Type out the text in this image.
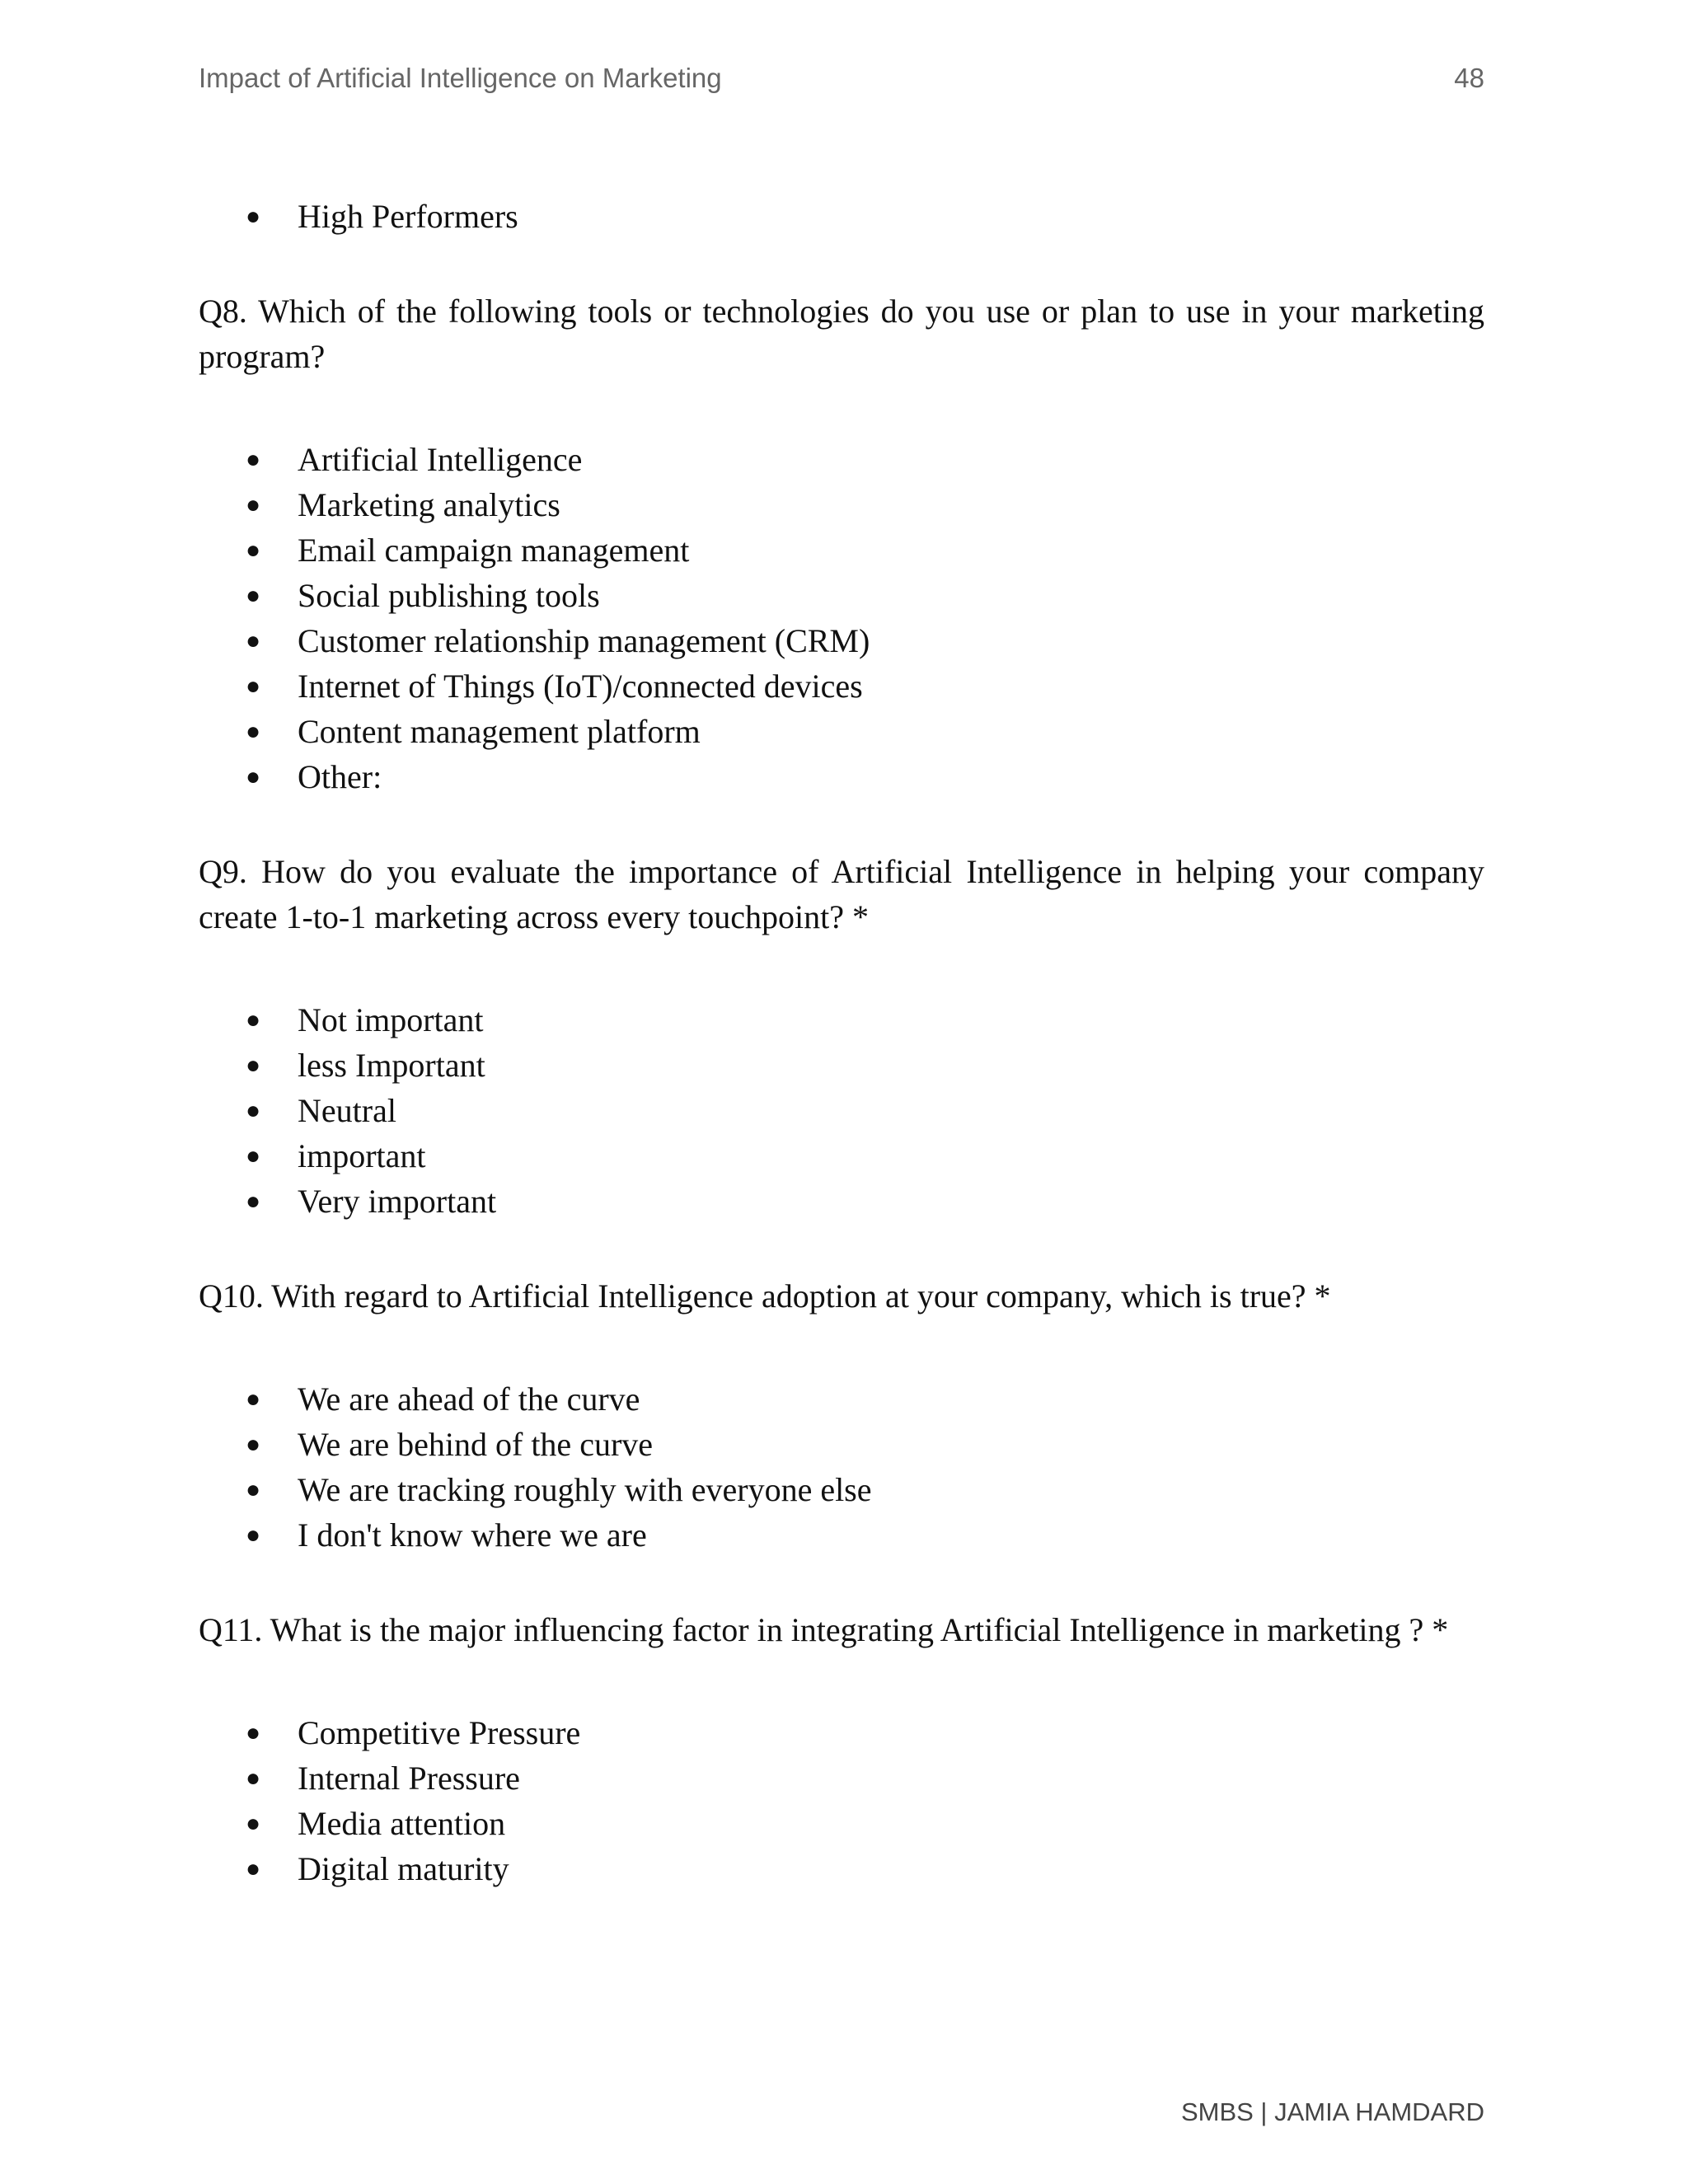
Impact of Artificial Intelligence on Marketing	48
● High Performers

Q8. Which of the following tools or technologies do you use or plan to use in your marketing program?

● Artificial Intelligence
● Marketing analytics
● Email campaign management
● Social publishing tools
● Customer relationship management (CRM)
● Internet of Things (IoT)/connected devices
● Content management platform
● Other:

Q9. How do you evaluate the importance of Artificial Intelligence in helping your company create 1-to-1 marketing across every touchpoint? *

● Not important
● less Important
● Neutral
● important
● Very important

Q10. With regard to Artificial Intelligence adoption at your company, which is true? *

● We are ahead of the curve
● We are behind of the curve
● We are tracking roughly with everyone else
● I don't know where we are

Q11. What is the major influencing factor in integrating Artificial Intelligence in marketing ? *

● Competitive Pressure
● Internal Pressure
● Media attention
● Digital maturity
SMBS | JAMIA HAMDARD
